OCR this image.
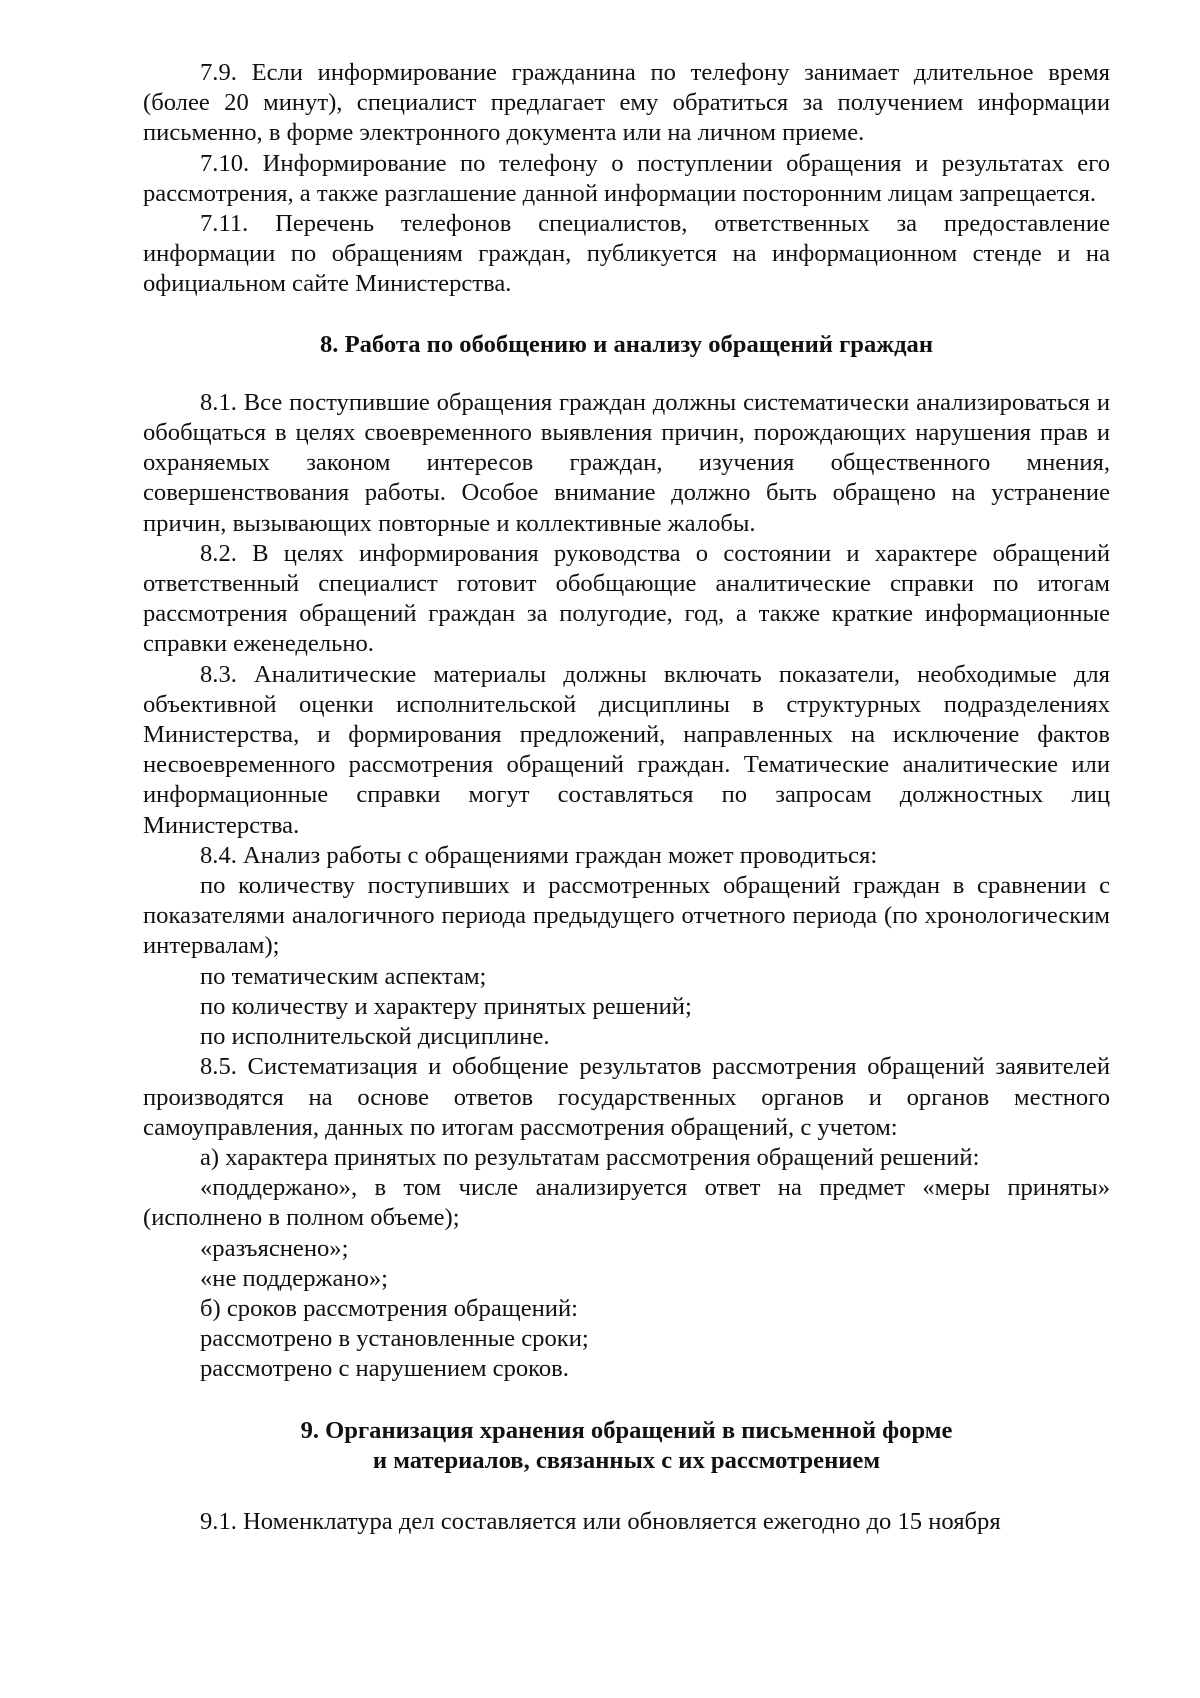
7.9. Если информирование гражданина по телефону занимает длительное время (более 20 минут), специалист предлагает ему обратиться за получением информации письменно, в форме электронного документа или на личном приеме.

7.10. Информирование по телефону о поступлении обращения и результатах его рассмотрения, а также разглашение данной информации посторонним лицам запрещается.

7.11. Перечень телефонов специалистов, ответственных за предоставление информации по обращениям граждан, публикуется на информационном стенде и на официальном сайте Министерства.

8. Работа по обобщению и анализу обращений граждан

8.1. Все поступившие обращения граждан должны систематически анализироваться и обобщаться в целях своевременного выявления причин, порождающих нарушения прав и охраняемых законом интересов граждан, изучения общественного мнения, совершенствования работы. Особое внимание должно быть обращено на устранение причин, вызывающих повторные и коллективные жалобы.

8.2. В целях информирования руководства о состоянии и характере обращений ответственный специалист готовит обобщающие аналитические справки по итогам рассмотрения обращений граждан за полугодие, год, а также краткие информационные справки еженедельно.

8.3. Аналитические материалы должны включать показатели, необходимые для объективной оценки исполнительской дисциплины в структурных подразделениях Министерства, и формирования предложений, направленных на исключение фактов несвоевременного рассмотрения обращений граждан. Тематические аналитические или информационные справки могут составляться по запросам должностных лиц Министерства.

8.4. Анализ работы с обращениями граждан может проводиться:

по количеству поступивших и рассмотренных обращений граждан в сравнении с показателями аналогичного периода предыдущего отчетного периода (по хронологическим интервалам);

по тематическим аспектам;

по количеству и характеру принятых решений;

по исполнительской дисциплине.

8.5. Систематизация и обобщение результатов рассмотрения обращений заявителей производятся на основе ответов государственных органов и органов местного самоуправления, данных по итогам рассмотрения обращений, с учетом:

а) характера принятых по результатам рассмотрения обращений решений:

«поддержано», в том числе анализируется ответ на предмет «меры приняты» (исполнено в полном объеме);

«разъяснено»;

«не поддержано»;

б) сроков рассмотрения обращений:

рассмотрено в установленные сроки;

рассмотрено с нарушением сроков.

9. Организация хранения обращений в письменной форме
и материалов, связанных с их рассмотрением

9.1. Номенклатура дел составляется или обновляется ежегодно до 15 ноября
